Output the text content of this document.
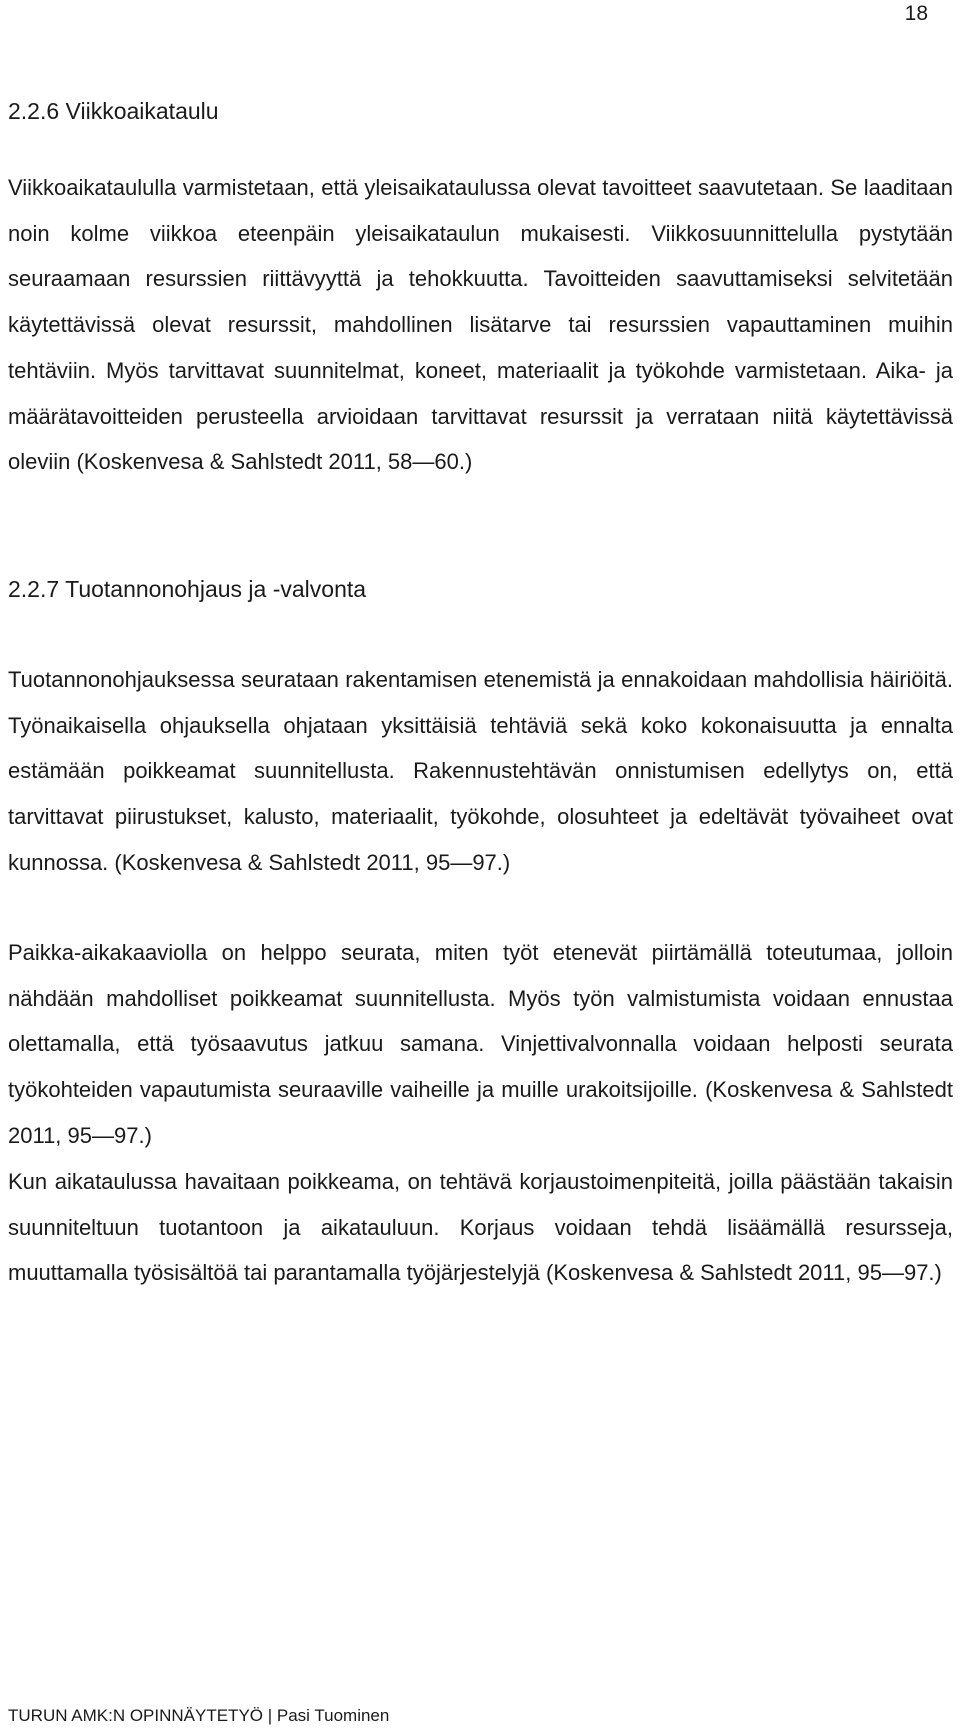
18
2.2.6 Viikkoaikataulu

Viikkoaikataululla varmistetaan, että yleisaikataulussa olevat tavoitteet saavutetaan. Se laaditaan noin kolme viikkoa eteenpäin yleisaikataulun mukaisesti. Viikkosuunnittelulla pystytään seuraamaan resurssien riittävyyttä ja tehokkuutta. Tavoitteiden saavuttamiseksi selvitetään käytettävissä olevat resurssit, mahdollinen lisätarve tai resurssien vapauttaminen muihin tehtäviin. Myös tarvittavat suunnitelmat, koneet, materiaalit ja työkohde varmistetaan. Aika- ja määrätavoitteiden perusteella arvioidaan tarvittavat resurssit ja verrataan niitä käytettävissä oleviin (Koskenvesa & Sahlstedt 2011, 58—60.)

2.2.7 Tuotannonohjaus ja -valvonta

Tuotannonohjauksessa seurataan rakentamisen etenemistä ja ennakoidaan mahdollisia häiriöitä. Työnaikaisella ohjauksella ohjataan yksittäisiä tehtäviä sekä koko kokonaisuutta ja ennalta estämään poikkeamat suunnitellusta. Rakennustehtävän onnistumisen edellytys on, että tarvittavat piirustukset, kalusto, materiaalit, työkohde, olosuhteet ja edeltävät työvaiheet ovat kunnossa. (Koskenvesa & Sahlstedt 2011, 95—97.)

Paikka-aikakaaviolla on helppo seurata, miten työt etenevät piirtämällä toteutumaa, jolloin nähdään mahdolliset poikkeamat suunnitellusta. Myös työn valmistumista voidaan ennustaa olettamalla, että työsaavutus jatkuu samana. Vinjettivalvonnalla voidaan helposti seurata työkohteiden vapautumista seuraaville vaiheille ja muille urakoitsijoille. (Koskenvesa & Sahlstedt 2011, 95—97.)

Kun aikataulussa havaitaan poikkeama, on tehtävä korjaustoimenpiteitä, joilla päästään takaisin suunniteltuun tuotantoon ja aikatauluun. Korjaus voidaan tehdä lisäämällä resursseja, muuttamalla työsisältöä tai parantamalla työjärjestelyjä (Koskenvesa & Sahlstedt 2011, 95—97.)

TURUN AMK:N OPINNÄYTETYÖ | Pasi Tuominen
